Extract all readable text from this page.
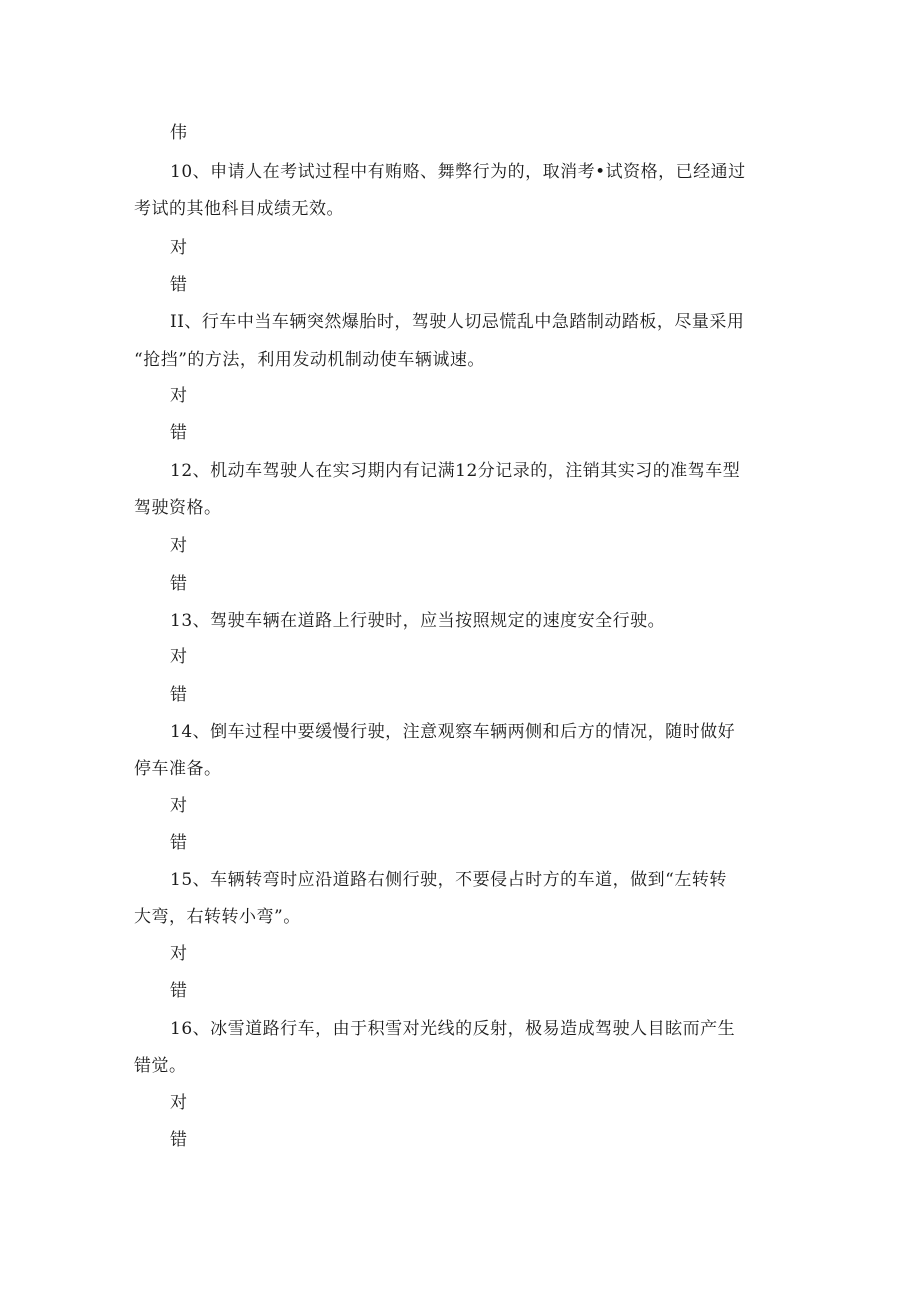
伟
10、申请人在考试过程中有贿赂、舞弊行为的，取消考•试资格，已经通过
考试的其他科目成绩无效。
对
错
II、行车中当车辆突然爆胎时，驾驶人切忌慌乱中急踏制动踏板，尽量采用
“抢挡”的方法，利用发动机制动使车辆诚速。
对
错
12、机动车驾驶人在实习期内有记满12分记录的，注销其实习的准驾车型
驾驶资格。
对
错
13、驾驶车辆在道路上行驶时，应当按照规定的速度安全行驶。
对
错
14、倒车过程中要缓慢行驶，注意观察车辆两侧和后方的情况，随时做好
停车准备。
对
错
15、车辆转弯时应沿道路右侧行驶，不要侵占时方的车道，做到“左转转
大弯，右转转小弯”。
对
错
16、冰雪道路行车，由于积雪对光线的反射，极易造成驾驶人目眩而产生
错觉。
对
错
